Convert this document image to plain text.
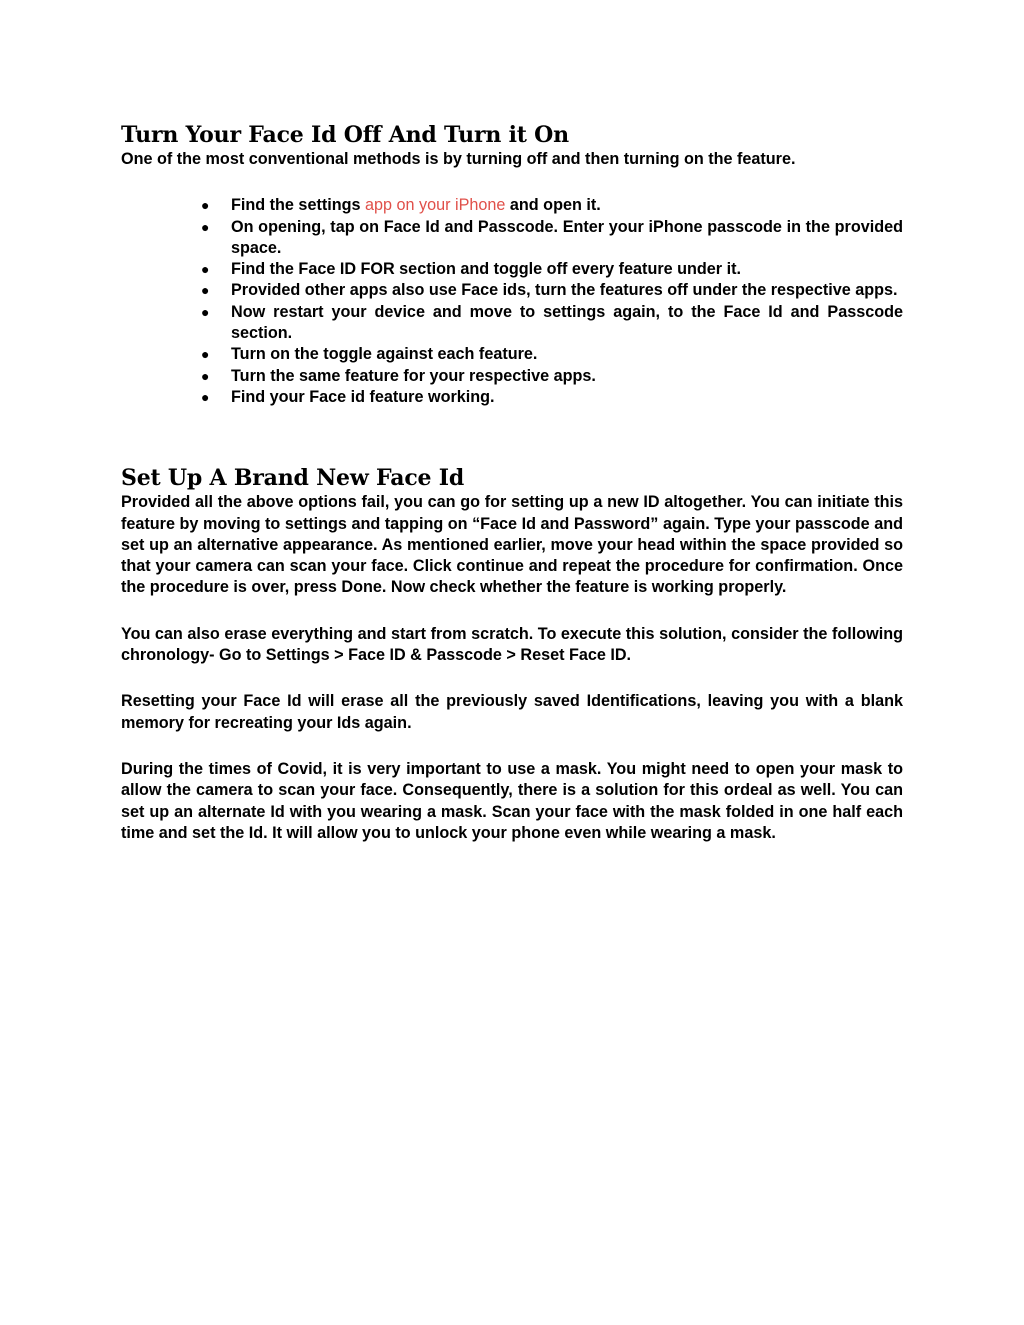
Turn Your Face Id Off And Turn it On

One of the most conventional methods is by turning off and then turning on the feature.

● Find the settings app on your iPhone and open it.
● On opening, tap on Face Id and Passcode. Enter your iPhone passcode in the provided space.
● Find the Face ID FOR section and toggle off every feature under it.
● Provided other apps also use Face ids, turn the features off under the respective apps.
● Now restart your device and move to settings again, to the Face Id and Passcode section.
● Turn on the toggle against each feature.
● Turn the same feature for your respective apps.
● Find your Face id feature working.
Set Up A Brand New Face Id

Provided all the above options fail, you can go for setting up a new ID altogether. You can initiate this feature by moving to settings and tapping on “Face Id and Password” again. Type your passcode and set up an alternative appearance. As mentioned earlier, move your head within the space provided so that your camera can scan your face. Click continue and repeat the procedure for confirmation. Once the procedure is over, press Done. Now check whether the feature is working properly.

You can also erase everything and start from scratch. To execute this solution, consider the following chronology- Go to Settings > Face ID & Passcode > Reset Face ID.

Resetting your Face Id will erase all the previously saved Identifications, leaving you with a blank memory for recreating your Ids again.

During the times of Covid, it is very important to use a mask. You might need to open your mask to allow the camera to scan your face. Consequently, there is a solution for this ordeal as well. You can set up an alternate Id with you wearing a mask. Scan your face with the mask folded in one half each time and set the Id. It will allow you to unlock your phone even while wearing a mask.
